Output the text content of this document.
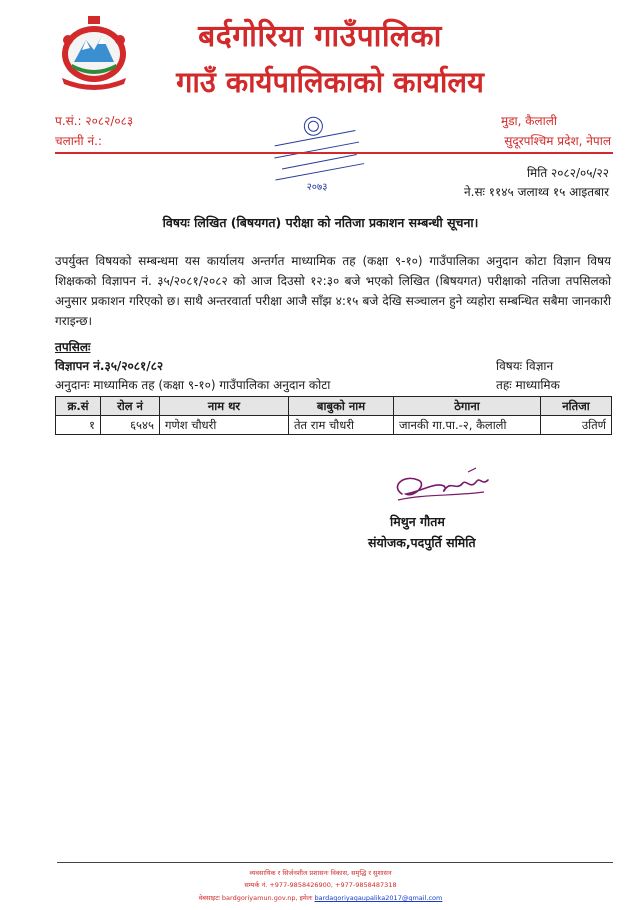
बर्दगोरिया गाउँपालिका
गाउँ कार्यपालिकाको कार्यालय
प.सं.: २०८२/०८३
चलानी नं.:
मुडा, कैलाली
सुदूरपश्चिम प्रदेश, नेपाल
२०७३
मिति २०८२/०५/२२
ने.सः ११४५ जलाथ्व १५ आइतबार
विषयः लिखित (बिषयगत) परीक्षा को नतिजा प्रकाशन सम्बन्धी सूचना।
उपर्युक्त विषयको सम्बन्धमा यस कार्यालय अन्तर्गत माध्यामिक तह (कक्षा ९-१०) गाउँपालिका अनुदान कोटा विज्ञान विषय शिक्षकको विज्ञापन नं. ३५/२०८१/२०८२ को आज दिउसो १२:३० बजे भएको लिखित (बिषयगत) परीक्षाको नतिजा तपसिलको अनुसार प्रकाशन गरिएको छ। साथै अन्तरवार्ता परीक्षा आजै साँझ ४:१५ बजे देखि सञ्चालन हुने व्यहोरा सम्बन्धित सबैमा जानकारी गराइन्छ।
तपसिलः
विज्ञापन नं.३५/२०८१/८२	विषयः विज्ञान
अनुदानः माध्यामिक तह (कक्षा ९-१०) गाउँपालिका अनुदान कोटा	तहः माध्यामिक
क्र.सं	रोल नं	नाम थर	बाबुको नाम	ठेगाना	नतिजा
१	६५४५	गणेश चौधरी	तेत राम चौधरी	जानकी गा.पा.-२, कैलाली	उतिर्ण
मिथुन गौतम
संयोजक,पदपुर्ति समिति
व्यवसायिक र सिर्जनशील प्रशासनः विकास, समृद्धि र सुशासन
सम्पर्क नं. +977-9858426900, +977-9858487318
वेबसाइटः bardgoriyamun.gov.np, इमेलः bardagoriyagaupalika2017@gmail.com
